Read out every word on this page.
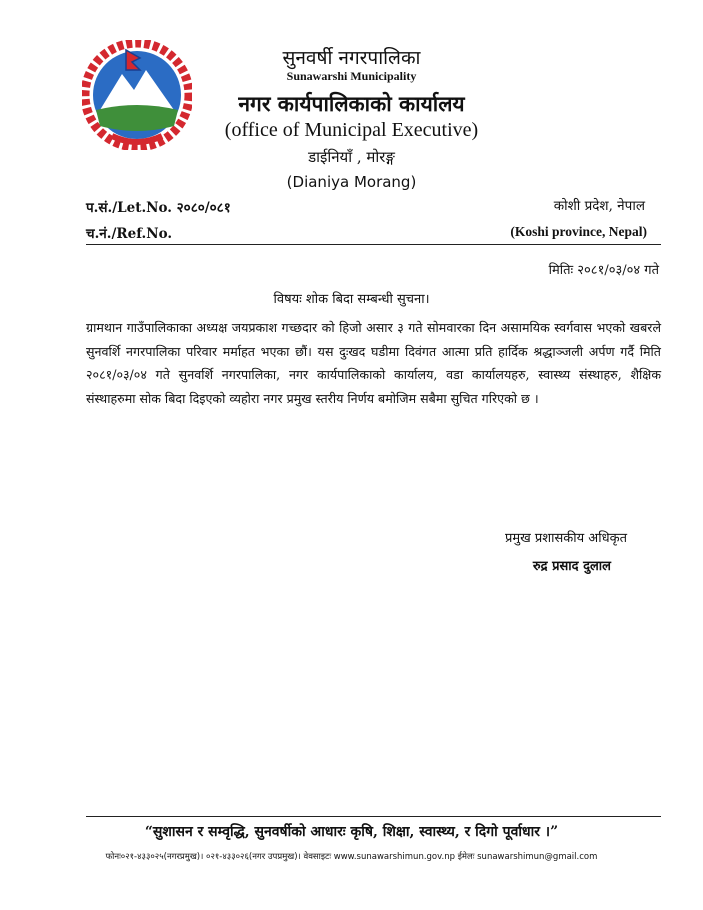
सुनवर्षी नगरपालिका
Sunawarshi Municipality
नगर कार्यपालिकाको कार्यालय
(office of Municipal Executive)
डाईनियाँ , मोरङ्ग
(Dianiya Morang)
प.सं./Let.No. २०८०/०८१	कोशी प्रदेश, नेपाल
च.नं./Ref.No.	(Koshi province, Nepal)
मितिः २०८१/०३/०४ गते
विषयः शोक बिदा सम्बन्धी सुचना।
ग्रामथान गाउँपालिकाका अध्यक्ष जयप्रकाश गच्छदार को हिजो असार ३ गते सोमवारका दिन असामयिक स्वर्गवास भएको खबरले सुनवर्शि नगरपालिका परिवार मर्माहत भएका छौं। यस दुःखद घडीमा दिवंगत आत्मा प्रति हार्दिक श्रद्धाञ्जली अर्पण गर्दै मिति २०८१/०३/०४ गते सुनवर्शि नगरपालिका, नगर कार्यपालिकाको कार्यालय, वडा कार्यालयहरु, स्वास्थ्य संस्थाहरु, शैक्षिक संस्थाहरुमा सोक बिदा दिइएको व्यहोरा नगर प्रमुख स्तरीय निर्णय बमोजिम सबैमा सुचित गरिएको छ ।
प्रमुख प्रशासकीय अधिकृत
रुद्र प्रसाद दुलाल
“सुशासन र सम्वृद्धि, सुनवर्षीको आधारः कृषि, शिक्षा, स्वास्थ्य, र दिगो पूर्वाधार ।”
फोनः०२१-४३३०२५(नगरप्रमुख)। ०२१-४३३०२६(नगर उपप्रमुख)। वेवसाइटः www.sunawarshimun.gov.np ईमेलः sunawarshimun@gmail.com
